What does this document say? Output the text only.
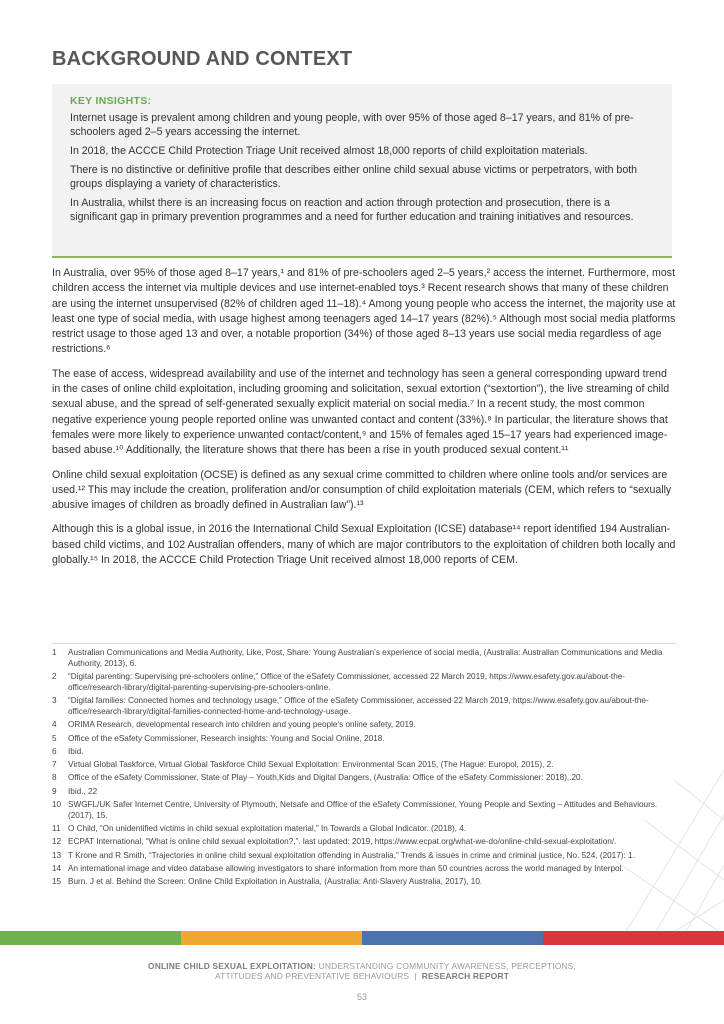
BACKGROUND AND CONTEXT
KEY INSIGHTS:

Internet usage is prevalent among children and young people, with over 95% of those aged 8–17 years, and 81% of pre-schoolers aged 2–5 years accessing the internet.

In 2018, the ACCCE Child Protection Triage Unit received almost 18,000 reports of child exploitation materials.

There is no distinctive or definitive profile that describes either online child sexual abuse victims or perpetrators, with both groups displaying a variety of characteristics.

In Australia, whilst there is an increasing focus on reaction and action through protection and prosecution, there is a significant gap in primary prevention programmes and a need for further education and training initiatives and resources.

In Australia, over 95% of those aged 8–17 years,¹ and 81% of pre-schoolers aged 2–5 years,² access the internet. Furthermore, most children access the internet via multiple devices and use internet-enabled toys.³ Recent research shows that many of these children are using the internet unsupervised (82% of children aged 11–18).⁴ Among young people who access the internet, the majority use at least one type of social media, with usage highest among teenagers aged 14–17 years (82%).⁵ Although most social media platforms restrict usage to those aged 13 and over, a notable proportion (34%) of those aged 8–13 years use social media regardless of age restrictions.⁶

The ease of access, widespread availability and use of the internet and technology has seen a general corresponding upward trend in the cases of online child exploitation, including grooming and solicitation, sexual extortion (“sextortion”), the live streaming of child sexual abuse, and the spread of self-generated sexually explicit material on social media.⁷ In a recent study, the most common negative experience young people reported online was unwanted contact and content (33%).⁸ In particular, the literature shows that females were more likely to experience unwanted contact/content,⁹ and 15% of females aged 15–17 years had experienced image-based abuse.¹⁰ Additionally, the literature shows that there has been a rise in youth produced sexual content.¹¹

Online child sexual exploitation (OCSE) is defined as any sexual crime committed to children where online tools and/or services are used.¹² This may include the creation, proliferation and/or consumption of child exploitation materials (CEM, which refers to “sexually abusive images of children as broadly defined in Australian law”).¹³

Although this is a global issue, in 2016 the International Child Sexual Exploitation (ICSE) database¹⁴ report identified 194 Australian-based child victims, and 102 Australian offenders, many of which are major contributors to the exploitation of children both locally and globally.¹⁵ In 2018, the ACCCE Child Protection Triage Unit received almost 18,000 reports of CEM.

1	Australian Communications and Media Authority, Like, Post, Share: Young Australian’s experience of social media, (Australia: Australian Communications and Media Authority, 2013), 6.
2	“Digital parenting: Supervising pre-schoolers online,” Office of the eSafety Commissioner, accessed 22 March 2019, https://www.esafety.gov.au/about-the-office/research-library/digital-parenting-supervising-pre-schoolers-online.
3	“Digital families: Connected homes and technology usage,” Office of the eSafety Commissioner, accessed 22 March 2019, https://www.esafety.gov.au/about-the-office/research-library/digital-families-connected-home-and-technology-usage.
4	ORIMA Research, developmental research into children and young people’s online safety, 2019.
5	Office of the eSafety Commissioner, Research insights: Young and Social Online, 2018.
6	Ibid.
7	Virtual Global Taskforce, Virtual Global Taskforce Child Sexual Exploitation: Environmental Scan 2015, (The Hague: Europol, 2015), 2.
8	Office of the eSafety Commissioner, State of Play – Youth,Kids and Digital Dangers, (Australia: Office of the eSafety Commissioner: 2018),.20.
9	Ibid., 22
10 SWGFL/UK Safer Internet Centre, University of Plymouth, Netsafe and Office of the eSafety Commissioner, Young People and Sexting – Attitudes and Behaviours. (2017), 15.
11 O Child, “On unidentified victims in child sexual exploitation material,” In Towards a Global Indicator. (2018), 4.
12 ECPAT International, “What is online child sexual exploitation?,”. last updated: 2019, https://www.ecpat.org/what-we-do/online-child-sexual-exploitation/.
13 T Krone and R Smith, “Trajectories in online child sexual exploitation offending in Australia,” Trends & issues in crime and criminal justice, No. 524, (2017): 1.
14 An international image and video database allowing investigators to share information from more than 50 countries across the world managed by Interpol.
15 Burn. J et al. Behind the Screen: Online Child Exploitation in Australia, (Australia: Anti-Slavery Australia, 2017), 10.
ONLINE CHILD SEXUAL EXPLOITATION: UNDERSTANDING COMMUNITY AWARENESS, PERCEPTIONS,
ATTITUDES AND PREVENTATIVE BEHAVIOURS | RESEARCH REPORT
53
